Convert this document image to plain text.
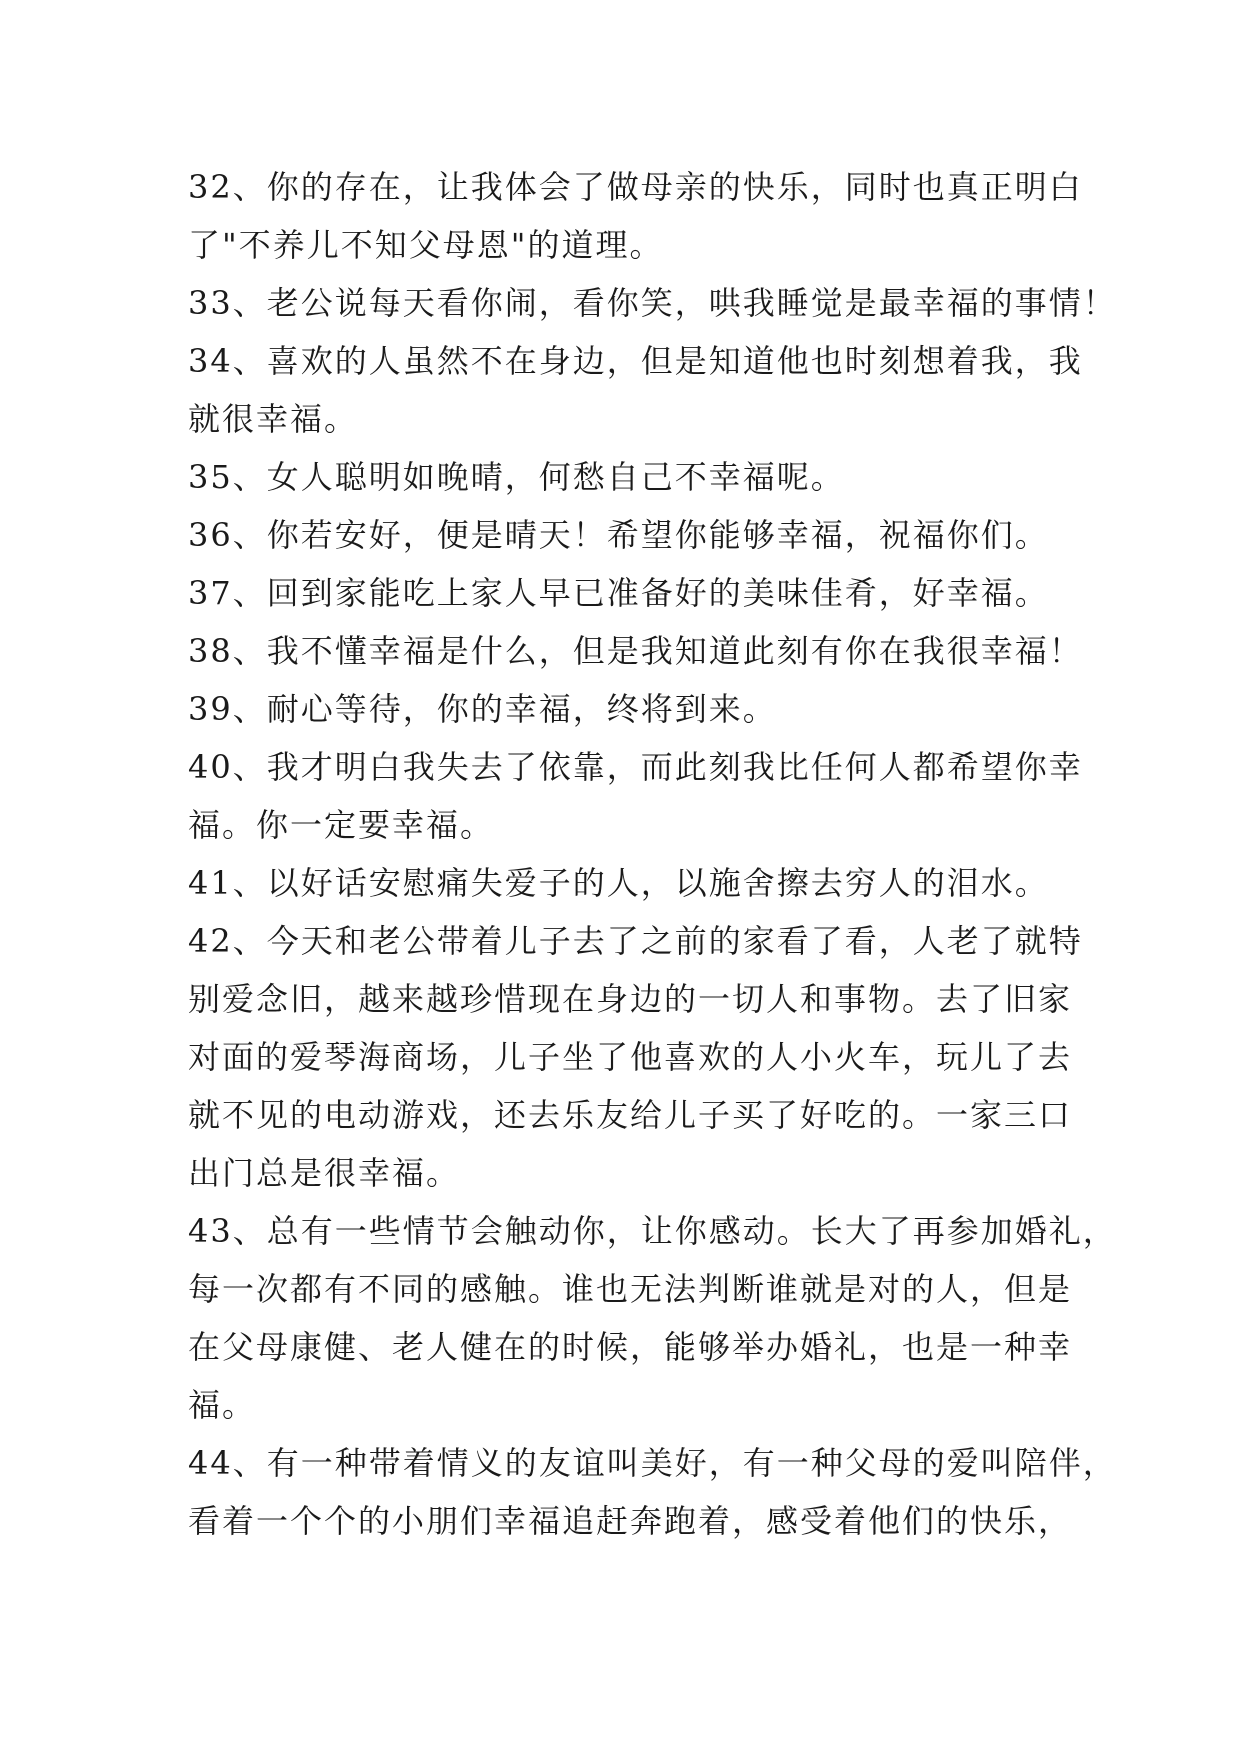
32、你的存在，让我体会了做母亲的快乐，同时也真正明白
了"不养儿不知父母恩"的道理。
33、老公说每天看你闹，看你笑，哄我睡觉是最幸福的事情！
34、喜欢的人虽然不在身边，但是知道他也时刻想着我，我
就很幸福。
35、女人聪明如晚晴，何愁自己不幸福呢。
36、你若安好，便是晴天！希望你能够幸福，祝福你们。
37、回到家能吃上家人早已准备好的美味佳肴，好幸福。
38、我不懂幸福是什么，但是我知道此刻有你在我很幸福！
39、耐心等待，你的幸福，终将到来。
40、我才明白我失去了依靠，而此刻我比任何人都希望你幸
福。你一定要幸福。
41、以好话安慰痛失爱子的人，以施舍擦去穷人的泪水。
42、今天和老公带着儿子去了之前的家看了看，人老了就特
别爱念旧，越来越珍惜现在身边的一切人和事物。去了旧家
对面的爱琴海商场，儿子坐了他喜欢的人小火车，玩儿了去
就不见的电动游戏，还去乐友给儿子买了好吃的。一家三口
出门总是很幸福。
43、总有一些情节会触动你，让你感动。长大了再参加婚礼，
每一次都有不同的感触。谁也无法判断谁就是对的人，但是
在父母康健、老人健在的时候，能够举办婚礼，也是一种幸
福。
44、有一种带着情义的友谊叫美好，有一种父母的爱叫陪伴，
看着一个个的小朋们幸福追赶奔跑着，感受着他们的快乐，
